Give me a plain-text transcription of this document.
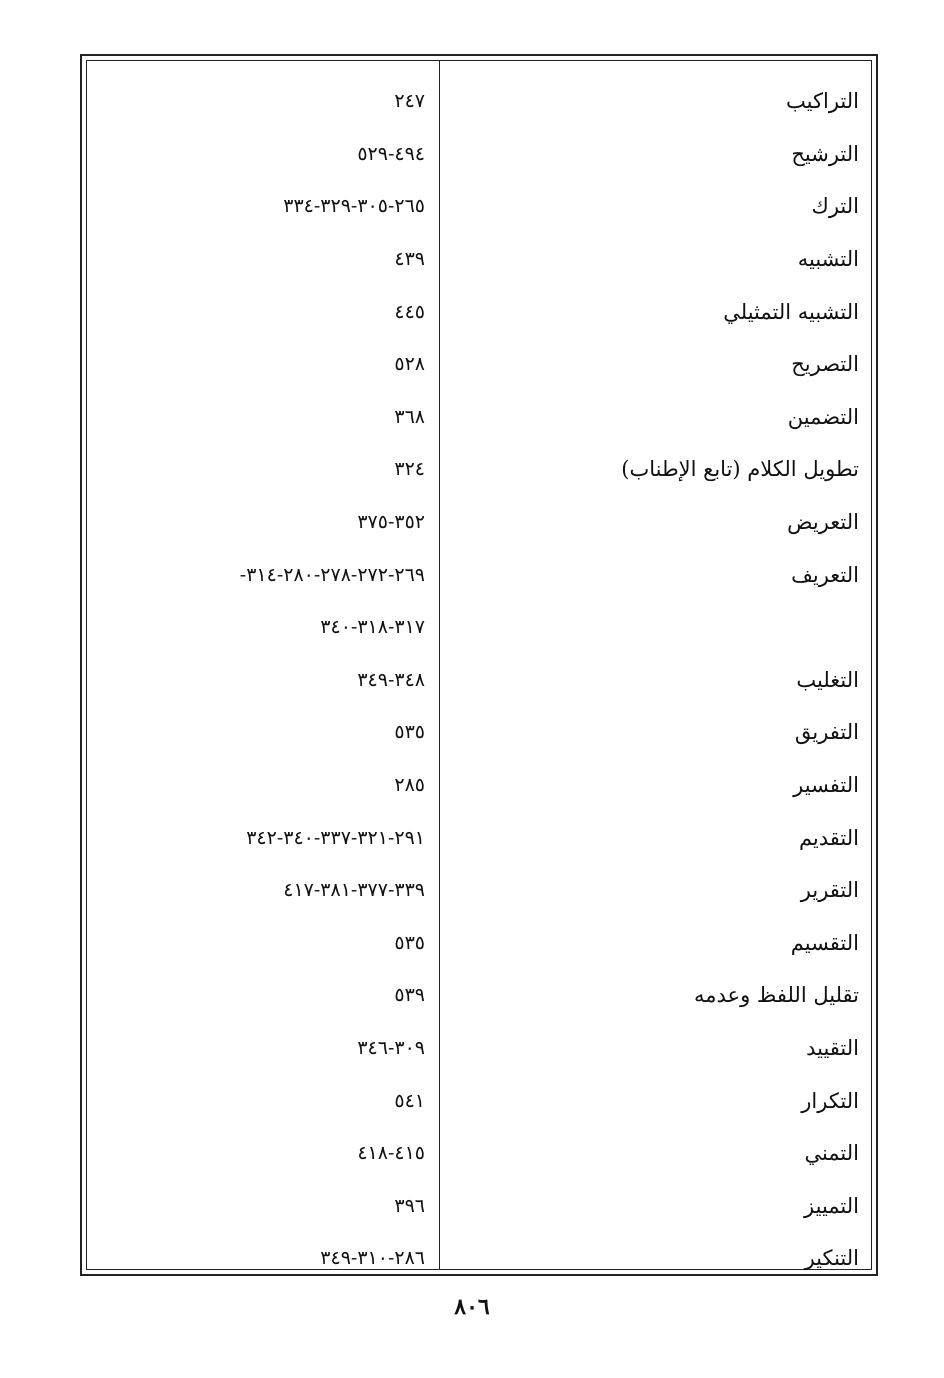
التراكيب
٢٤٧
الترشيح
٤٩٤-٥٢٩
الترك
٢٦٥-٣٠٥-٣٢٩-٣٣٤
التشبيه
٤٣٩
التشبيه التمثيلي
٤٤٥
التصريح
٥٢٨
التضمين
٣٦٨
تطويل الكلام (تابع الإطناب)
٣٢٤
التعريض
٣٥٢-٣٧٥
التعريف
٢٦٩-٢٧٢-٢٧٨-٢٨٠-٣١٤-
٣١٧-٣١٨-٣٤٠
التغليب
٣٤٨-٣٤٩
التفريق
٥٣٥
التفسير
٢٨٥
التقديم
٢٩١-٣٢١-٣٣٧-٣٤٠-٣٤٢
التقرير
٣٣٩-٣٧٧-٣٨١-٤١٧
التقسيم
٥٣٥
تقليل اللفظ وعدمه
٥٣٩
التقييد
٣٠٩-٣٤٦
التكرار
٥٤١
التمني
٤١٥-٤١٨
التمييز
٣٩٦
التنكير
٢٨٦-٣١٠-٣٤٩
٨٠٦
